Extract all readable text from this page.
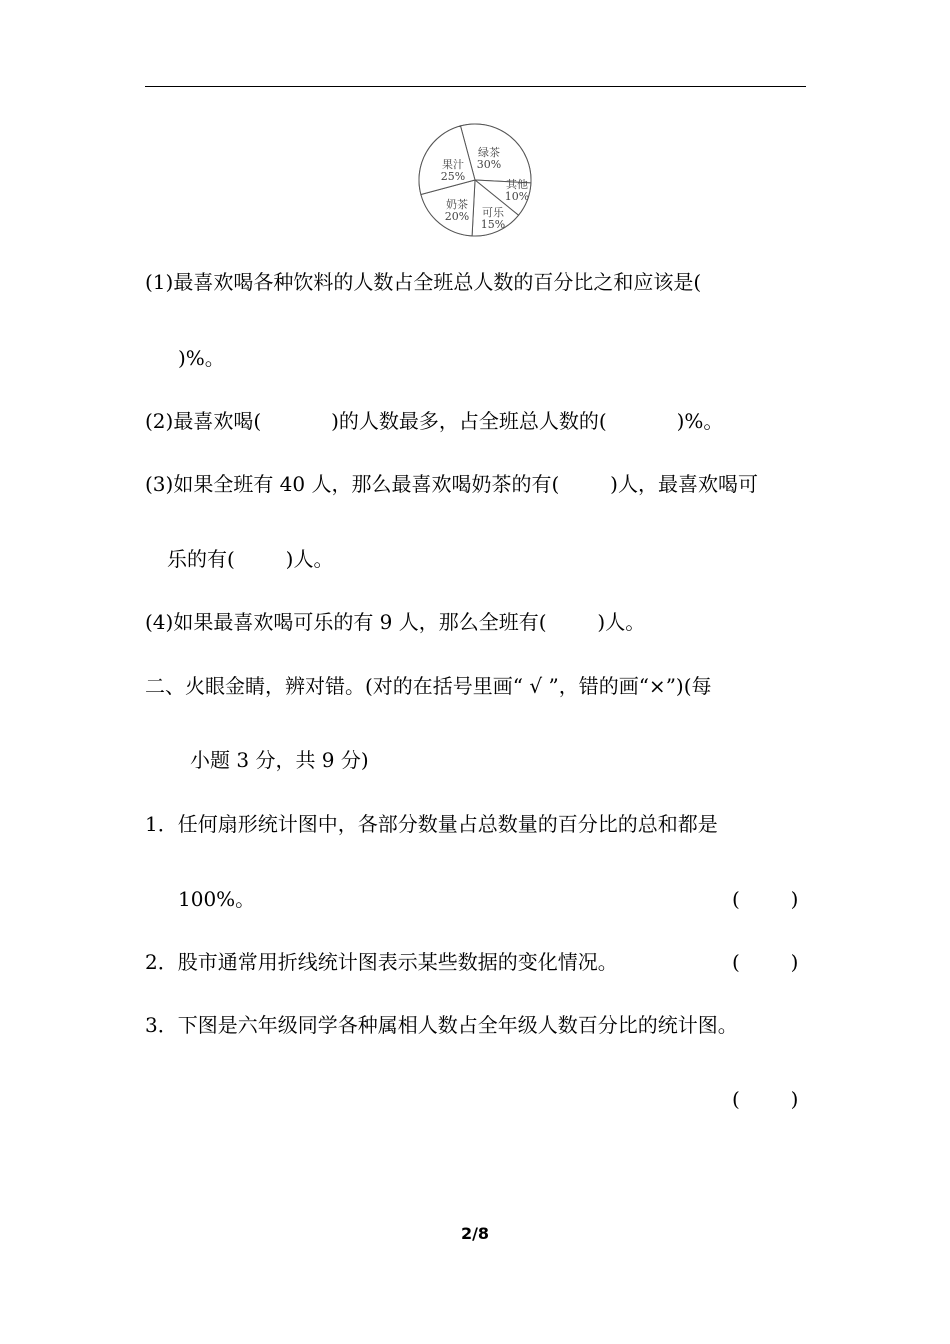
绿茶
30%
其他
10%
可乐
15%
奶茶
20%
果汁
25%
(1)最喜欢喝各种饮料的人数占全班总人数的百分比之和应该是(
)%。
(2)最喜欢喝(           )的人数最多，占全班总人数的(           )%。
(3)如果全班有 40 人，那么最喜欢喝奶茶的有(        )人，最喜欢喝可
乐的有(        )人。
(4)如果最喜欢喝可乐的有 9 人，那么全班有(        )人。
二、火眼金睛，辨对错。(对的在括号里画“ √ ”，错的画“×”)(每
小题 3 分，共 9 分)
1．任何扇形统计图中，各部分数量占总数量的百分比的总和都是
100%。	(        )
2．股市通常用折线统计图表示某些数据的变化情况。	(        )
3．下图是六年级同学各种属相人数占全年级人数百分比的统计图。
(        )
2/8
